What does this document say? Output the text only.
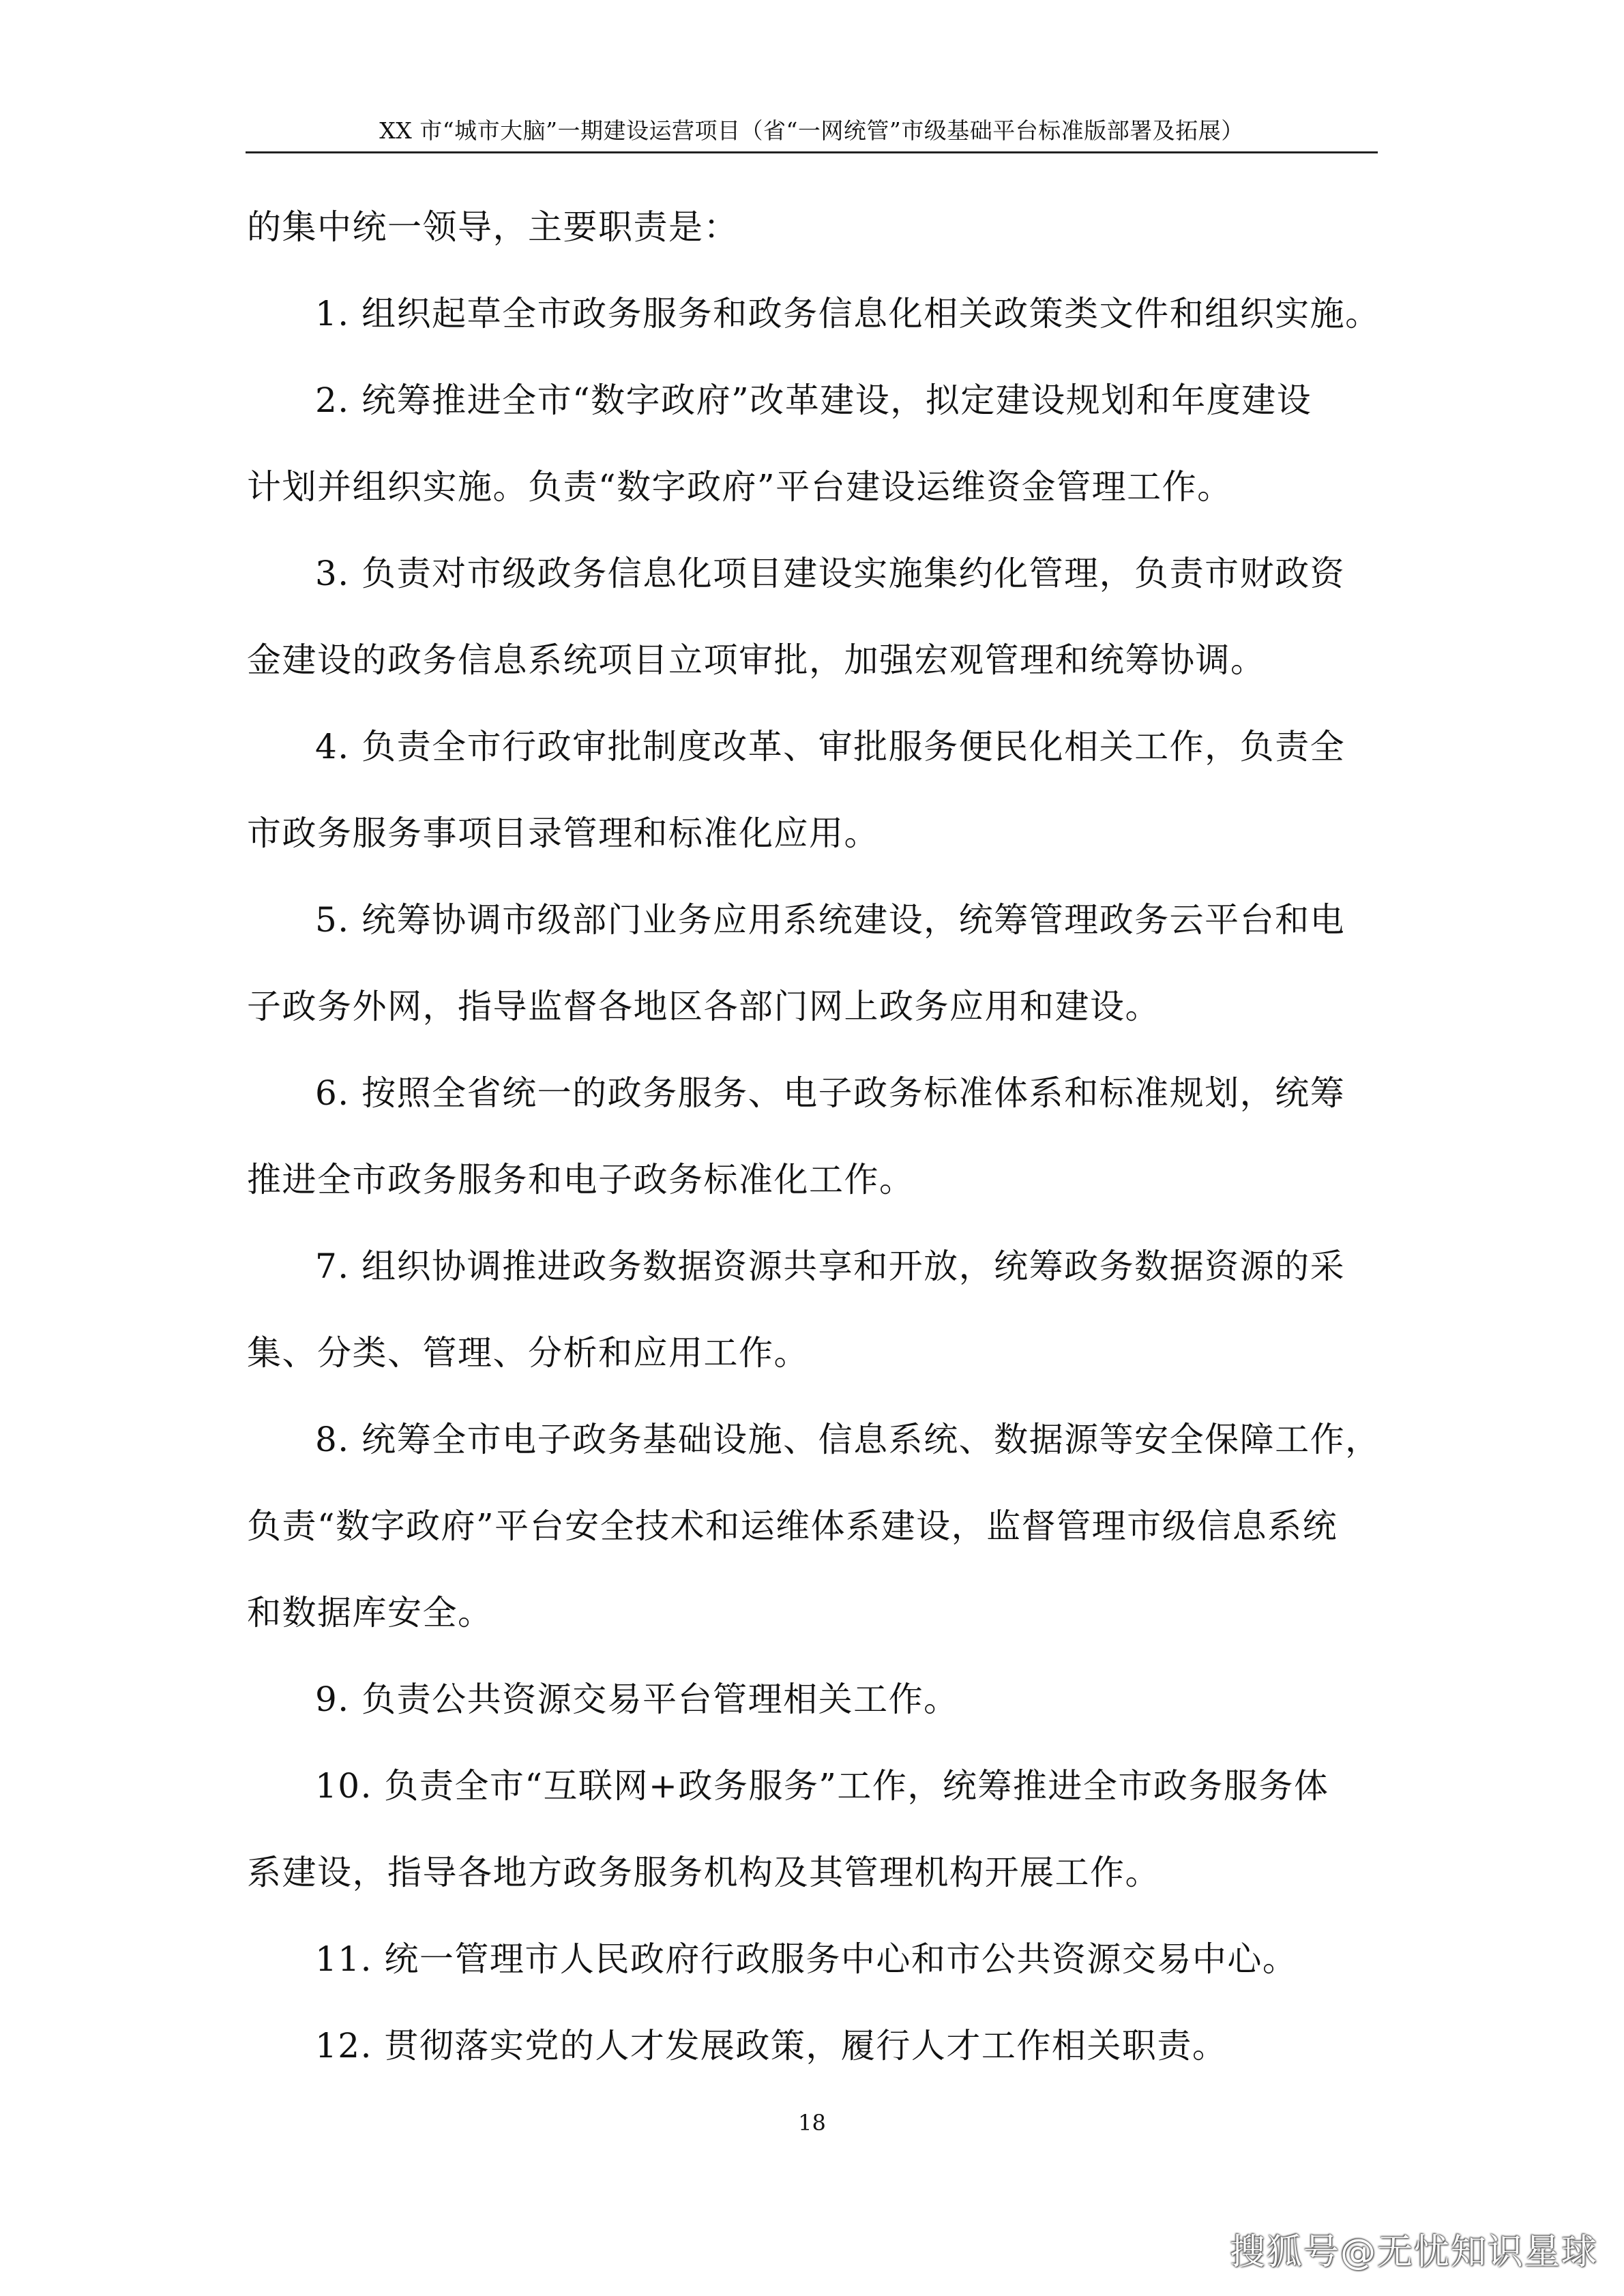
XX 市“城市大脑”一期建设运营项目（省“一网统管”市级基础平台标准版部署及拓展）
的集中统一领导，主要职责是：
1. 组织起草全市政务服务和政务信息化相关政策类文件和组织实施。
2. 统筹推进全市“数字政府”改革建设，拟定建设规划和年度建设
计划并组织实施。负责“数字政府”平台建设运维资金管理工作。
3. 负责对市级政务信息化项目建设实施集约化管理，负责市财政资
金建设的政务信息系统项目立项审批，加强宏观管理和统筹协调。
4. 负责全市行政审批制度改革、审批服务便民化相关工作，负责全
市政务服务事项目录管理和标准化应用。
5. 统筹协调市级部门业务应用系统建设，统筹管理政务云平台和电
子政务外网，指导监督各地区各部门网上政务应用和建设。
6. 按照全省统一的政务服务、电子政务标准体系和标准规划，统筹
推进全市政务服务和电子政务标准化工作。
7. 组织协调推进政务数据资源共享和开放，统筹政务数据资源的采
集、分类、管理、分析和应用工作。
8. 统筹全市电子政务基础设施、信息系统、数据源等安全保障工作，
负责“数字政府”平台安全技术和运维体系建设，监督管理市级信息系统
和数据库安全。
9. 负责公共资源交易平台管理相关工作。
10. 负责全市“互联网+政务服务”工作，统筹推进全市政务服务体
系建设，指导各地方政务服务机构及其管理机构开展工作。
11. 统一管理市人民政府行政服务中心和市公共资源交易中心。
12. 贯彻落实党的人才发展政策，履行人才工作相关职责。
18
搜狐号@无忧知识星球
